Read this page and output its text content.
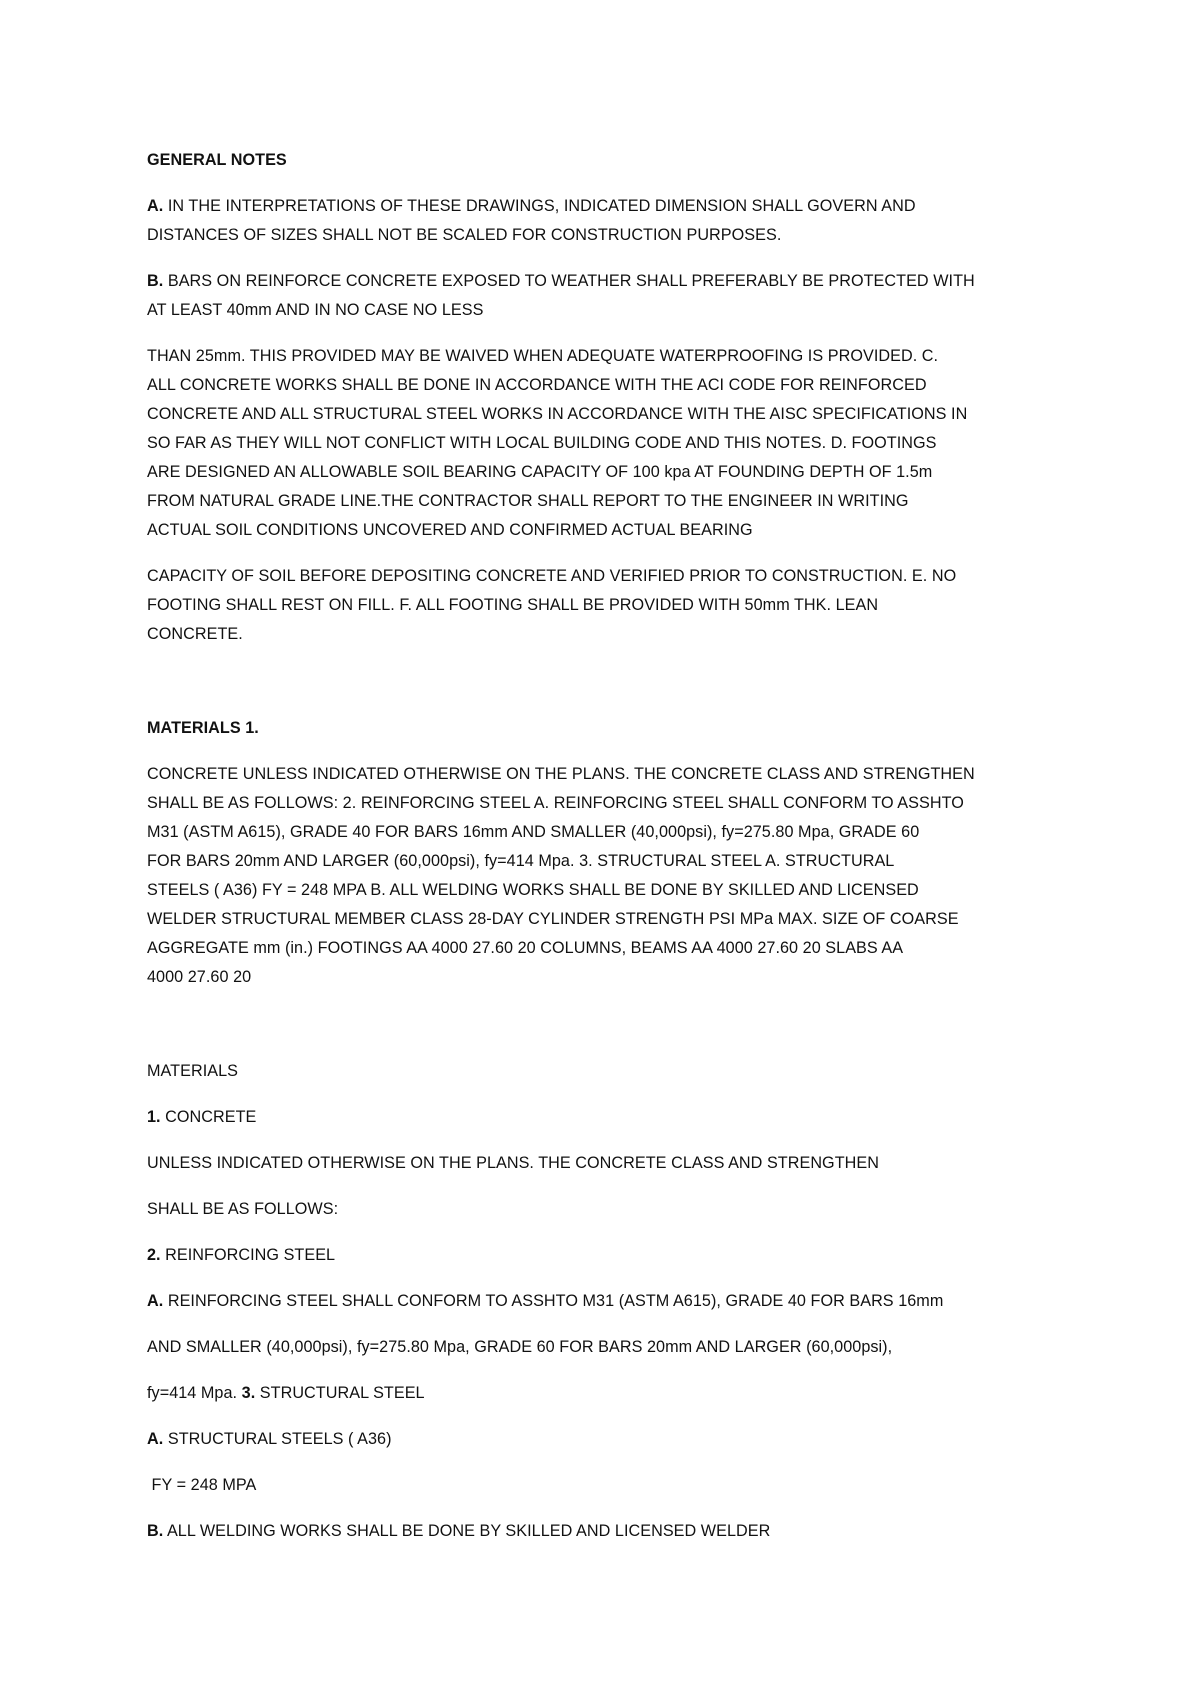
GENERAL NOTES
A. IN THE INTERPRETATIONS OF THESE DRAWINGS, INDICATED DIMENSION SHALL GOVERN AND
DISTANCES OF SIZES SHALL NOT BE SCALED FOR CONSTRUCTION PURPOSES.
B. BARS ON REINFORCE CONCRETE EXPOSED TO WEATHER SHALL PREFERABLY BE PROTECTED WITH
AT LEAST 40mm AND IN NO CASE NO LESS
THAN 25mm. THIS PROVIDED MAY BE WAIVED WHEN ADEQUATE WATERPROOFING IS PROVIDED. C.
ALL CONCRETE WORKS SHALL BE DONE IN ACCORDANCE WITH THE ACI CODE FOR REINFORCED
CONCRETE AND ALL STRUCTURAL STEEL WORKS IN ACCORDANCE WITH THE AISC SPECIFICATIONS IN
SO FAR AS THEY WILL NOT CONFLICT WITH LOCAL BUILDING CODE AND THIS NOTES. D. FOOTINGS
ARE DESIGNED AN ALLOWABLE SOIL BEARING CAPACITY OF 100 kpa AT FOUNDING DEPTH OF 1.5m
FROM NATURAL GRADE LINE.THE CONTRACTOR SHALL REPORT TO THE ENGINEER IN WRITING
ACTUAL SOIL CONDITIONS UNCOVERED AND CONFIRMED ACTUAL BEARING
CAPACITY OF SOIL BEFORE DEPOSITING CONCRETE AND VERIFIED PRIOR TO CONSTRUCTION. E. NO
FOOTING SHALL REST ON FILL. F. ALL FOOTING SHALL BE PROVIDED WITH 50mm THK. LEAN
CONCRETE.
MATERIALS 1.
CONCRETE UNLESS INDICATED OTHERWISE ON THE PLANS. THE CONCRETE CLASS AND STRENGTHEN
SHALL BE AS FOLLOWS: 2. REINFORCING STEEL A. REINFORCING STEEL SHALL CONFORM TO ASSHTO
M31 (ASTM A615), GRADE 40 FOR BARS 16mm AND SMALLER (40,000psi), fy=275.80 Mpa, GRADE 60
FOR BARS 20mm AND LARGER (60,000psi), fy=414 Mpa. 3. STRUCTURAL STEEL A. STRUCTURAL
STEELS ( A36) FY = 248 MPA B. ALL WELDING WORKS SHALL BE DONE BY SKILLED AND LICENSED
WELDER STRUCTURAL MEMBER CLASS 28-DAY CYLINDER STRENGTH PSI MPa MAX. SIZE OF COARSE
AGGREGATE mm (in.) FOOTINGS AA 4000 27.60 20 COLUMNS, BEAMS AA 4000 27.60 20 SLABS AA
4000 27.60 20
MATERIALS
1. CONCRETE
UNLESS INDICATED OTHERWISE ON THE PLANS. THE CONCRETE CLASS AND STRENGTHEN
SHALL BE AS FOLLOWS:
2. REINFORCING STEEL
A. REINFORCING STEEL SHALL CONFORM TO ASSHTO M31 (ASTM A615), GRADE 40 FOR BARS 16mm
AND SMALLER (40,000psi), fy=275.80 Mpa, GRADE 60 FOR BARS 20mm AND LARGER (60,000psi),
fy=414 Mpa. 3. STRUCTURAL STEEL
A. STRUCTURAL STEELS ( A36)
FY = 248 MPA
B. ALL WELDING WORKS SHALL BE DONE BY SKILLED AND LICENSED WELDER
